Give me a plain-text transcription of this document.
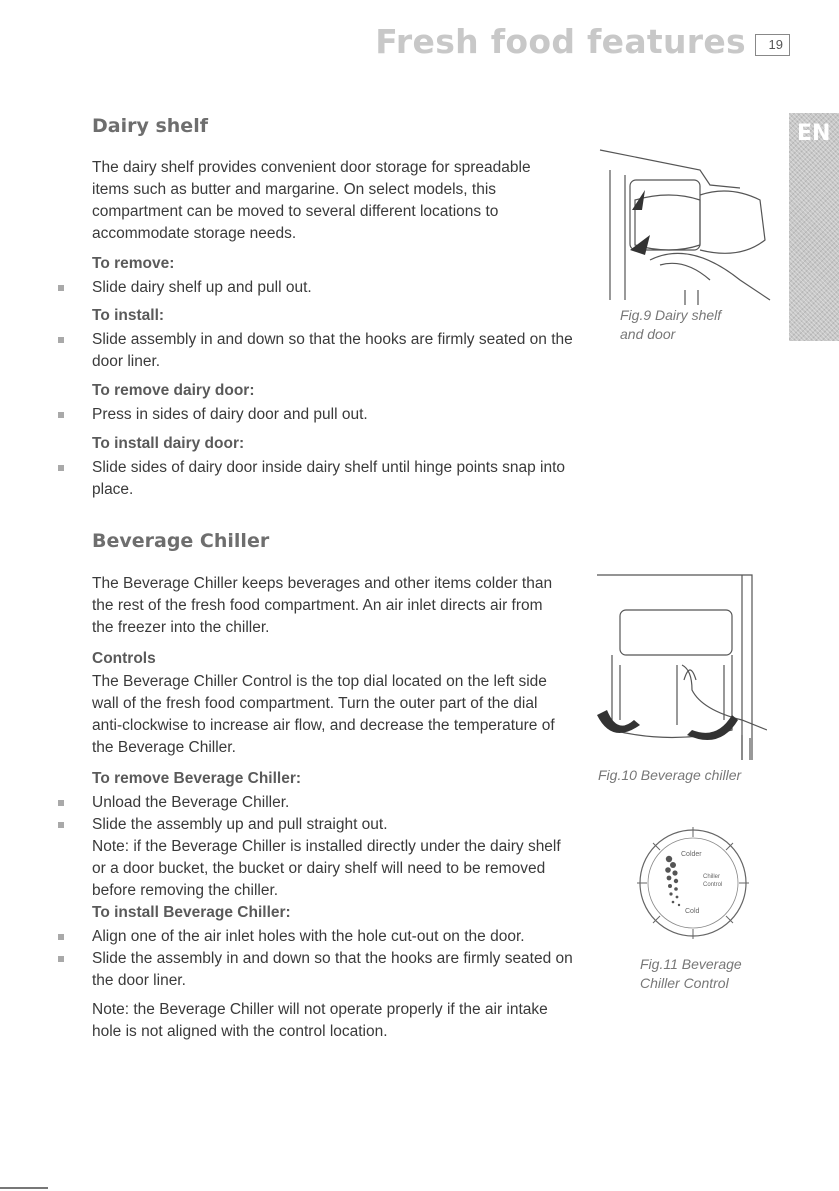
Fresh food features	19
EN
Dairy shelf
The dairy shelf provides convenient door storage for spreadable items such as butter and margarine. On select models, this compartment can be moved to several different locations to accommodate storage needs.
To remove:
Slide dairy shelf up and pull out.
To install:
Slide assembly in and down so that the hooks are firmly seated on the door liner.
To remove dairy door:
Press in sides of dairy door and pull out.
To install dairy door:
Slide sides of dairy door inside dairy shelf until hinge points snap into place.
Fig.9 Dairy shelf and door
Beverage Chiller
The Beverage Chiller keeps beverages and other items colder than the rest of the fresh food compartment. An air inlet directs air from the freezer into the chiller.
Controls
The Beverage Chiller Control is the top dial located on the left side wall of the fresh food compartment. Turn the outer part of the dial anti-clockwise to increase air flow, and decrease the temperature of the Beverage Chiller.
To remove Beverage Chiller:
Unload the Beverage Chiller.
Slide the assembly up and pull straight out.
Note: if the Beverage Chiller is installed directly under the dairy shelf or a door bucket, the bucket or dairy shelf will need to be removed before removing the chiller.
To install Beverage Chiller:
Align one of the air inlet holes with the hole cut-out on the door.
Slide the assembly in and down so that the hooks are firmly seated on the door liner.
Note: the Beverage Chiller will not operate properly if the air intake hole is not aligned with the control location.
Fig.10 Beverage chiller
Colder
Chiller
Control
Cold
Fig.11 Beverage Chiller Control
